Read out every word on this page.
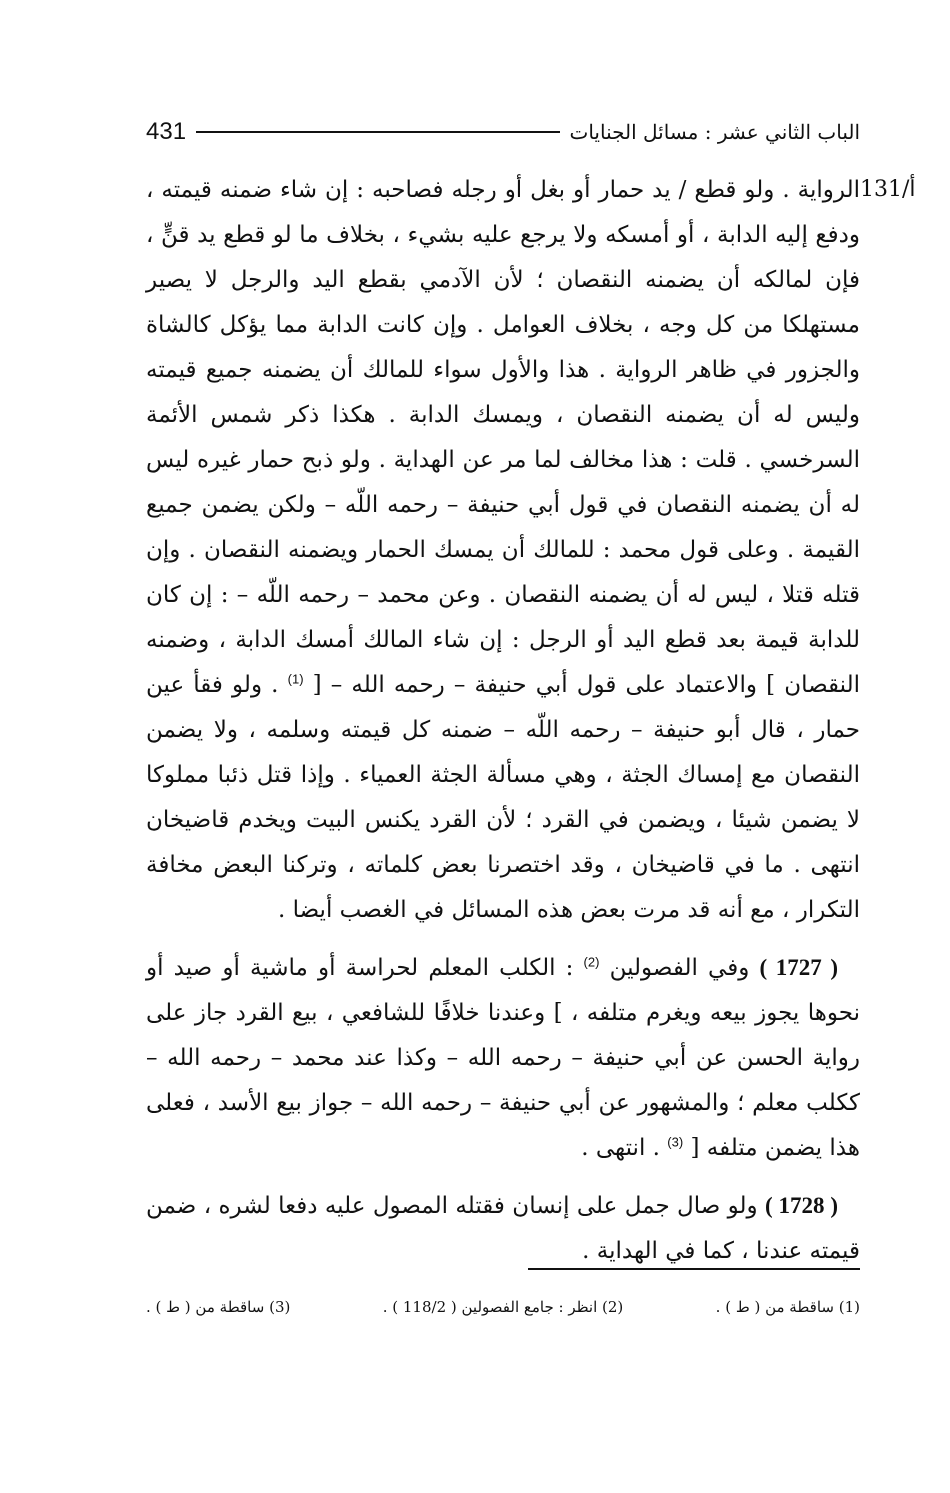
431	الباب الثاني عشر : مسائل الجنايات
131/أ

الرواية . ولو قطع / يد حمار أو بغل أو رجله فصاحبه : إن شاء ضمنه قيمته ، ودفع إليه الدابة ، أو أمسكه ولا يرجع عليه بشيء ، بخلاف ما لو قطع يد قنٍّ ، فإن لمالكه أن يضمنه النقصان ؛ لأن الآدمي بقطع اليد والرجل لا يصير مستهلكا من كل وجه ، بخلاف العوامل . وإن كانت الدابة مما يؤكل كالشاة والجزور في ظاهر الرواية . هذا والأول سواء للمالك أن يضمنه جميع قيمته وليس له أن يضمنه النقصان ، ويمسك الدابة . هكذا ذكر شمس الأئمة السرخسي . قلت : هذا مخالف لما مر عن الهداية . ولو ذبح حمار غيره ليس له أن يضمنه النقصان في قول أبي حنيفة – رحمه اللّه – ولكن يضمن جميع القيمة . وعلى قول محمد : للمالك أن يمسك الحمار ويضمنه النقصان . وإن قتله قتلا ، ليس له أن يضمنه النقصان . وعن محمد – رحمه اللّه – : إن كان للدابة قيمة بعد قطع اليد أو الرجل : إن شاء المالك أمسك الدابة ، وضمنه النقصان ] والاعتماد على قول أبي حنيفة – رحمه الله – [ $^{(1)}$ . ولو فقأ عين حمار ، قال أبو حنيفة – رحمه اللّه – ضمنه كل قيمته وسلمه ، ولا يضمن النقصان مع إمساك الجثة ، وهي مسألة الجثة العمياء . وإذا قتل ذئبا مملوكا لا يضمن شيئا ، ويضمن في القرد ؛ لأن القرد يكنس البيت ويخدم قاضيخان انتهى . ما في قاضيخان ، وقد اختصرنا بعض كلماته ، وتركنا البعض مخافة التكرار ، مع أنه قد مرت بعض هذه المسائل في الغصب أيضا .

( 1727 ) وفي الفصولين $^{(2)}$ : الكلب المعلم لحراسة أو ماشية أو صيد أو نحوها يجوز بيعه ويغرم متلفه ، ] وعندنا خلافًا للشافعي ، بيع القرد جاز على رواية الحسن عن أبي حنيفة – رحمه الله – وكذا عند محمد – رحمه الله – ككلب معلم ؛ والمشهور عن أبي حنيفة – رحمه الله – جواز بيع الأسد ، فعلى هذا يضمن متلفه [ $^{(3)}$ . انتهى .

( 1728 ) ولو صال جمل على إنسان فقتله المصول عليه دفعا لشره ، ضمن قيمته عندنا ، كما في الهداية .

(1) ساقطة من ( ط ) .
(2) انظر : جامع الفصولين ( 118/2 ) .
(3) ساقطة من ( ط ) .
